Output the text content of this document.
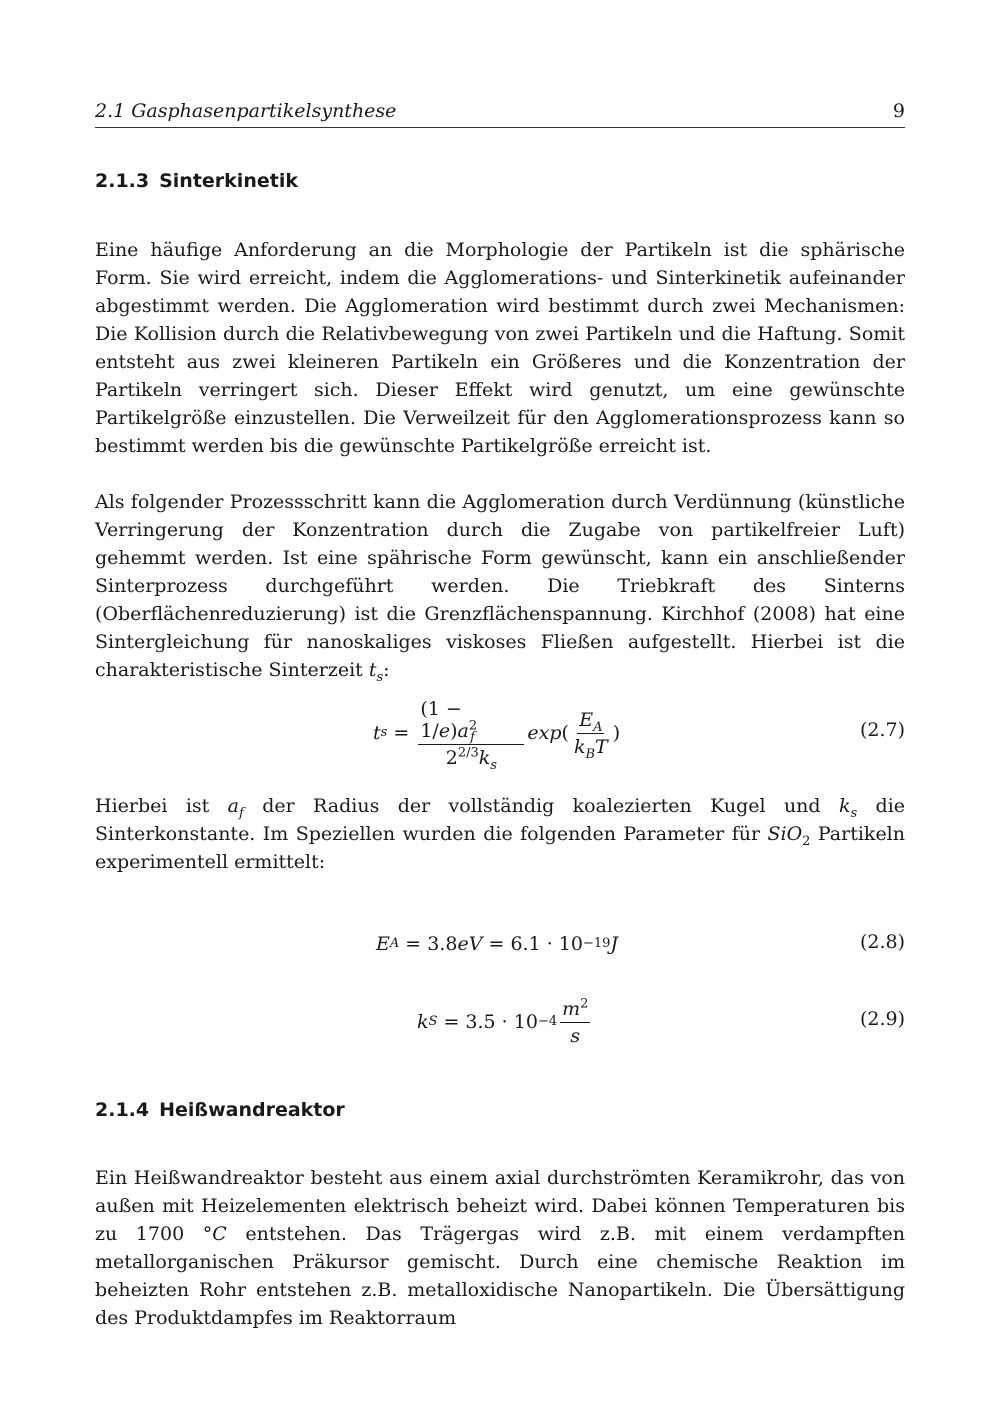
2.1 Gasphasenpartikelsynthese	9
2.1.3 Sinterkinetik

Eine häufige Anforderung an die Morphologie der Partikeln ist die sphärische Form. Sie wird erreicht, indem die Agglomerations- und Sinterkinetik aufeinander abgestimmt werden. Die Agglomeration wird bestimmt durch zwei Mechanismen: Die Kollision durch die Relativbewegung von zwei Partikeln und die Haftung. Somit entsteht aus zwei kleineren Partikeln ein Größeres und die Konzentration der Partikeln verringert sich. Dieser Effekt wird genutzt, um eine gewünschte Partikelgröße einzustellen. Die Verweilzeit für den Agglomerationsprozess kann so bestimmt werden bis die gewünschte Partikelgröße erreicht ist.

Als folgender Prozessschritt kann die Agglomeration durch Verdünnung (künstliche Verringerung der Konzentration durch die Zugabe von partikelfreier Luft) gehemmt werden. Ist eine spährische Form gewünscht, kann ein anschließender Sinterprozess durchgeführt werden. Die Triebkraft des Sinterns (Oberflächenreduzierung) ist die Grenzflächenspannung. Kirchhof (2008) hat eine Sintergleichung für nanoskaliges viskoses Fließen aufgestellt. Hierbei ist die charakteristische Sinterzeit $t_s$:

t $s = \frac{(1 - 1/e)a^2_f}{2^{2/3}k_s}$ exp ( $\frac{E_A}{k_BT}$ )	(2.7)

Hierbei ist $a_f$ der Radius der vollständig koalezierten Kugel und $k_s$ die Sinterkonstante. Im Speziellen wurden die folgenden Parameter für SiO$_2$ Partikeln experimentell ermittelt:

E A = 3.8 eV = 6.1 · 10 −19 J	(2.8)
k $S = 3.5 \cdot 10 -4 \frac{m^2}{s}$	(2.9)
2.1.4 Heißwandreaktor

Ein Heißwandreaktor besteht aus einem axial durchströmten Keramikrohr, das von außen mit Heizelementen elektrisch beheizt wird. Dabei können Temperaturen bis zu 1700 °C entstehen. Das Trägergas wird z.B. mit einem verdampften metallorganischen Präkursor gemischt. Durch eine chemische Reaktion im beheizten Rohr entstehen z.B. metalloxidische Nanopartikeln. Die Übersättigung des Produktdampfes im Reaktorraum
